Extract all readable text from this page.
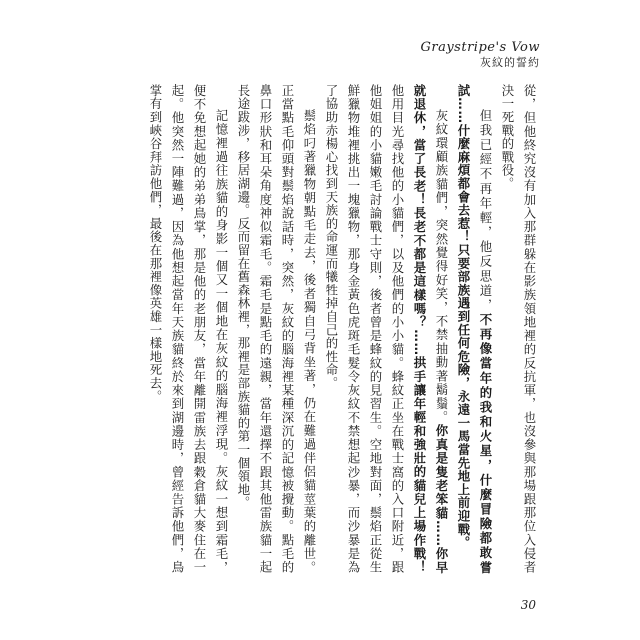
Graystripe's Vow
灰紋的誓約

從，但他終究沒有加入那群躲在影族領地裡的反抗軍，也沒參與那場跟那位入侵者決一死戰的戰役。

但我已經不再年輕，他反思道，不再像當年的我和火星，什麼冒險都敢嘗試……什麼麻煩都會去惹！只要部族遇到任何危險，永遠一馬當先地上前迎戰。

灰紋環顧族貓們，突然覺得好笑，不禁抽動著鬍鬚。你真是隻老笨貓……你早就退休，當了長老！長老不都是這樣嗎？……拱手讓年輕和強壯的貓兒上場作戰！他用目光尋找他的小貓們，以及他們的小小貓。蜂紋正坐在戰士窩的入口附近，跟他姐姐的小貓嫩毛討論戰士守則，後者曾是蜂紋的見習生。空地對面，鬃焰正從生鮮獵物堆裡挑出一塊獵物，那身金黃色虎斑毛髮令灰紋不禁想起沙暴，而沙暴是為了協助赤楊心找到天族的命運而犧牲掉自己的性命。

鬃焰叼著獵物朝點毛走去，後者獨自弓背坐著，仍在難過伴侶貓莖葉的離世。正當點毛仰頭對鬃焰說話時，突然，灰紋的腦海裡某種深沉的記憶被攪動。點毛的鼻口形狀和耳朵角度神似霜毛。霜毛是點毛的遠親，當年還擇不跟其他雷族貓一起長途跋涉，移居湖邊。反而留在舊森林裡，那裡是部族貓的第一個領地。

記憶裡過往族貓的身影一個又一個地在灰紋的腦海裡浮現。灰紋一想到霜毛，便不免想起她的弟弟鳥掌，那是他的老朋友，當年離開雷族去跟穀倉貓大麥住在一起。他突然一陣難過，因為他想起當年天族貓終於來到湖邊時，曾經告訴他們，鳥掌有到峽谷拜訪他們，最後在那裡像英雄一樣地死去。

30
